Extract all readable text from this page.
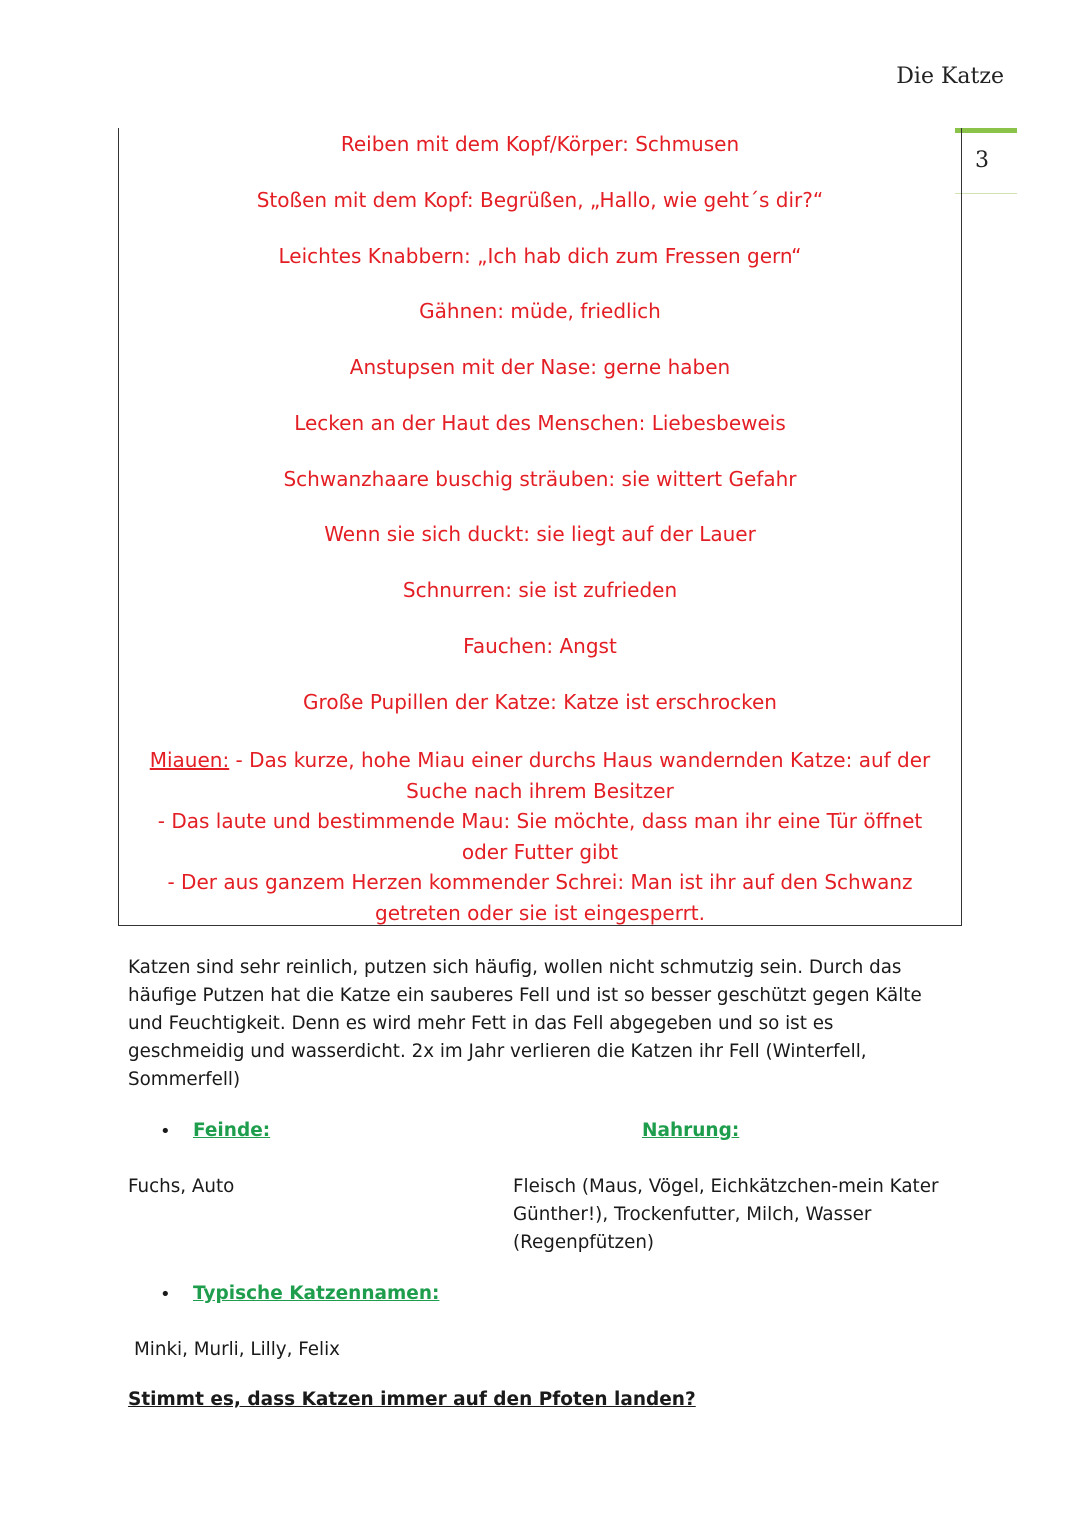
Die Katze
3
Reiben mit dem Kopf/Körper: Schmusen
Stoßen mit dem Kopf: Begrüßen, „Hallo, wie geht´s dir?“
Leichtes Knabbern: „Ich hab dich zum Fressen gern“
Gähnen: müde, friedlich
Anstupsen mit der Nase: gerne haben
Lecken an der Haut des Menschen: Liebesbeweis
Schwanzhaare buschig sträuben: sie wittert Gefahr
Wenn sie sich duckt: sie liegt auf der Lauer
Schnurren: sie ist zufrieden
Fauchen: Angst
Große Pupillen der Katze: Katze ist erschrocken
Miauen: - Das kurze, hohe Miau einer durchs Haus wandernden Katze: auf der
Suche nach ihrem Besitzer
- Das laute und bestimmende Mau: Sie möchte, dass man ihr eine Tür öffnet
oder Futter gibt
- Der aus ganzem Herzen kommender Schrei: Man ist ihr auf den Schwanz
getreten oder sie ist eingesperrt.
Katzen sind sehr reinlich, putzen sich häufig, wollen nicht schmutzig sein. Durch das häufige Putzen hat die Katze ein sauberes Fell und ist so besser geschützt gegen Kälte und Feuchtigkeit. Denn es wird mehr Fett in das Fell abgegeben und so ist es geschmeidig und wasserdicht. 2x im Jahr verlieren die Katzen ihr Fell (Winterfell, Sommerfell)
• Feinde:	Nahrung:
Fuchs, Auto	Fleisch (Maus, Vögel, Eichkätzchen-mein Kater
Günther!), Trockenfutter, Milch, Wasser
(Regenpfützen)
• Typische Katzennamen:
Minki, Murli, Lilly, Felix
Stimmt es, dass Katzen immer auf den Pfoten landen?
